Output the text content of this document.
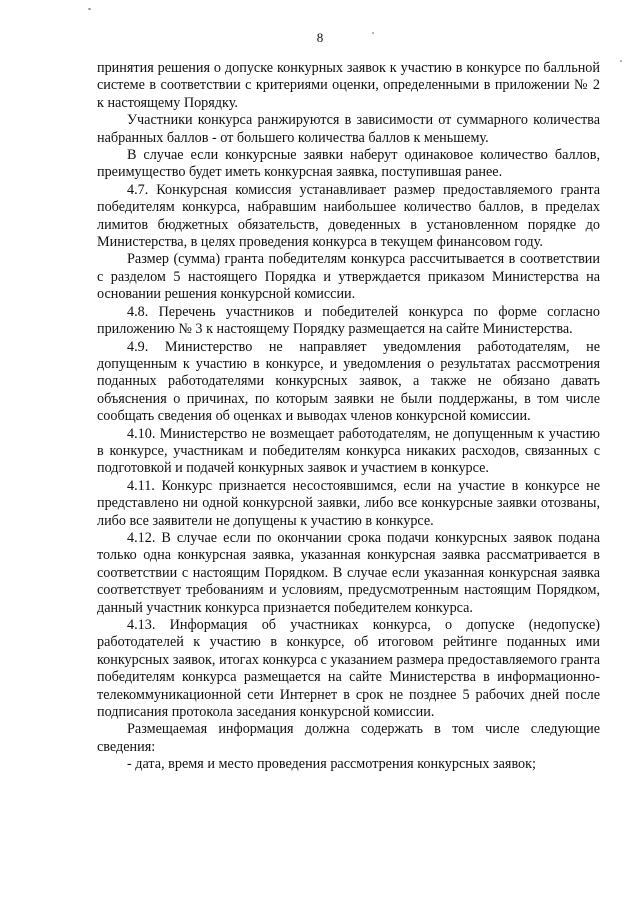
8

принятия решения о допуске конкурных заявок к участию в конкурсе по балльной системе в соответствии с критериями оценки, определенными в приложении № 2 к настоящему Порядку.

Участники конкурса ранжируются в зависимости от суммарного количества набранных баллов - от большего количества баллов к меньшему.

В случае если конкурсные заявки наберут одинаковое количество баллов, преимущество будет иметь конкурсная заявка, поступившая ранее.

4.7. Конкурсная комиссия устанавливает размер предоставляемого гранта победителям конкурса, набравшим наибольшее количество баллов, в пределах лимитов бюджетных обязательств, доведенных в установленном порядке до Министерства, в целях проведения конкурса в текущем финансовом году.

Размер (сумма) гранта победителям конкурса рассчитывается в соответствии с разделом 5 настоящего Порядка и утверждается приказом Министерства на основании решения конкурсной комиссии.

4.8. Перечень участников и победителей конкурса по форме согласно приложению № 3 к настоящему Порядку размещается на сайте Министерства.

4.9. Министерство не направляет уведомления работодателям, не допущенным к участию в конкурсе, и уведомления о результатах рассмотрения поданных работодателями конкурсных заявок, а также не обязано давать объяснения о причинах, по которым заявки не были поддержаны, в том числе сообщать сведения об оценках и выводах членов конкурсной комиссии.

4.10. Министерство не возмещает работодателям, не допущенным к участию в конкурсе, участникам и победителям конкурса никаких расходов, связанных с подготовкой и подачей конкурных заявок и участием в конкурсе.

4.11. Конкурс признается несостоявшимся, если на участие в конкурсе не представлено ни одной конкурсной заявки, либо все конкурсные заявки отозваны, либо все заявители не допущены к участию в конкурсе.

4.12. В случае если по окончании срока подачи конкурсных заявок подана только одна конкурсная заявка, указанная конкурсная заявка рассматривается в соответствии с настоящим Порядком. В случае если указанная конкурсная заявка соответствует требованиям и условиям, предусмотренным настоящим Порядком, данный участник конкурса признается победителем конкурса.

4.13. Информация об участниках конкурса, о допуске (недопуске) работодателей к участию в конкурсе, об итоговом рейтинге поданных ими конкурсных заявок, итогах конкурса с указанием размера предоставляемого гранта победителям конкурса размещается на сайте Министерства в информационно-телекоммуникационной сети Интернет в срок не позднее 5 рабочих дней после подписания протокола заседания конкурсной комиссии.

Размещаемая информация должна содержать в том числе следующие сведения:

- дата, время и место проведения рассмотрения конкурсных заявок;
